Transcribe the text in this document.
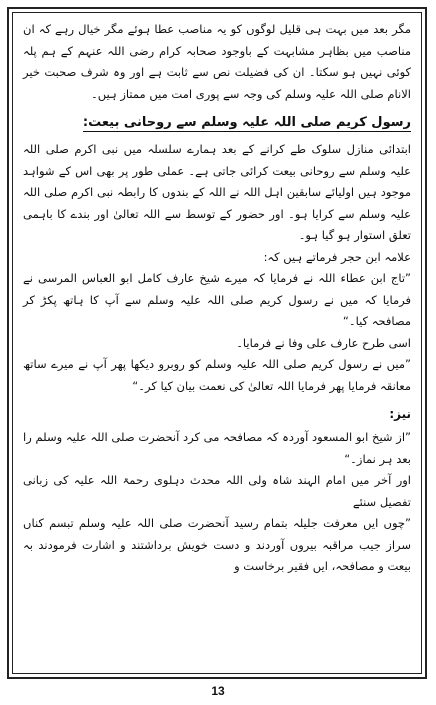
مگر بعد میں بہت ہی قلیل لوگوں کو یہ مناصب عطا ہوئے مگر خیال رہے کہ ان مناصب میں بظاہر مشابہت کے باوجود صحابہ کرام رضی اللہ عنہم کے ہم پلہ کوئی نہیں ہو سکتا۔ ان کی فضیلت نص سے ثابت ہے اور وہ شرف صحبت خیر الانام صلی اللہ علیہ وسلم کی وجہ سے پوری امت میں ممتاز ہیں۔

رسول کریم صلی اللہ علیہ وسلم سے روحانی بیعت:

ابتدائی منازل سلوک طے کرانے کے بعد ہمارے سلسلہ میں نبی اکرم صلی اللہ علیہ وسلم سے روحانی بیعت کرائی جاتی ہے۔ عملی طور پر بھی اس کے شواہد موجود ہیں اولیائے سابقین اہل اللہ نے اللہ کے بندوں کا رابطہ نبی اکرم صلی اللہ علیہ وسلم سے کرایا ہو۔ اور حضور کے توسط سے اللہ تعالیٰ اور بندے کا باہمی تعلق استوار ہو گیا ہو۔

علامہ ابن حجر فرماتے ہیں کہ:

”تاج ابن عطاء اللہ نے فرمایا کہ میرے شیخ عارف کامل ابو العباس المرسی نے فرمایا کہ میں نے رسول کریم صلی اللہ علیہ وسلم سے آپ کا ہاتھ پکڑ کر مصافحہ کیا۔“

اسی طرح عارف علی وفا نے فرمایا۔

”میں نے رسول کریم صلی اللہ علیہ وسلم کو روبرو دیکھا پھر آپ نے میرے ساتھ معانقہ فرمایا پھر فرمایا اللہ تعالیٰ کی نعمت بیان کیا کر۔“

نیز:

”از شیخ ابو المسعود آوردہ کہ مصافحہ می کرد آنحضرت صلی اللہ علیہ وسلم را بعد ہر نماز۔“

اور آخر میں امام الہند شاہ ولی اللہ محدث دہلوی رحمۃ اللہ علیہ کی زبانی تفصیل سنئے

”چوں ایں معرفت جلیلہ بتمام رسید آنحضرت صلی اللہ علیہ وسلم تبسم کناں سراز جیب مراقبہ بیروں آوردند و دست خویش برداشتند و اشارت فرمودند بہ بیعت و مصافحہ، ایں فقیر برخاست و

13
